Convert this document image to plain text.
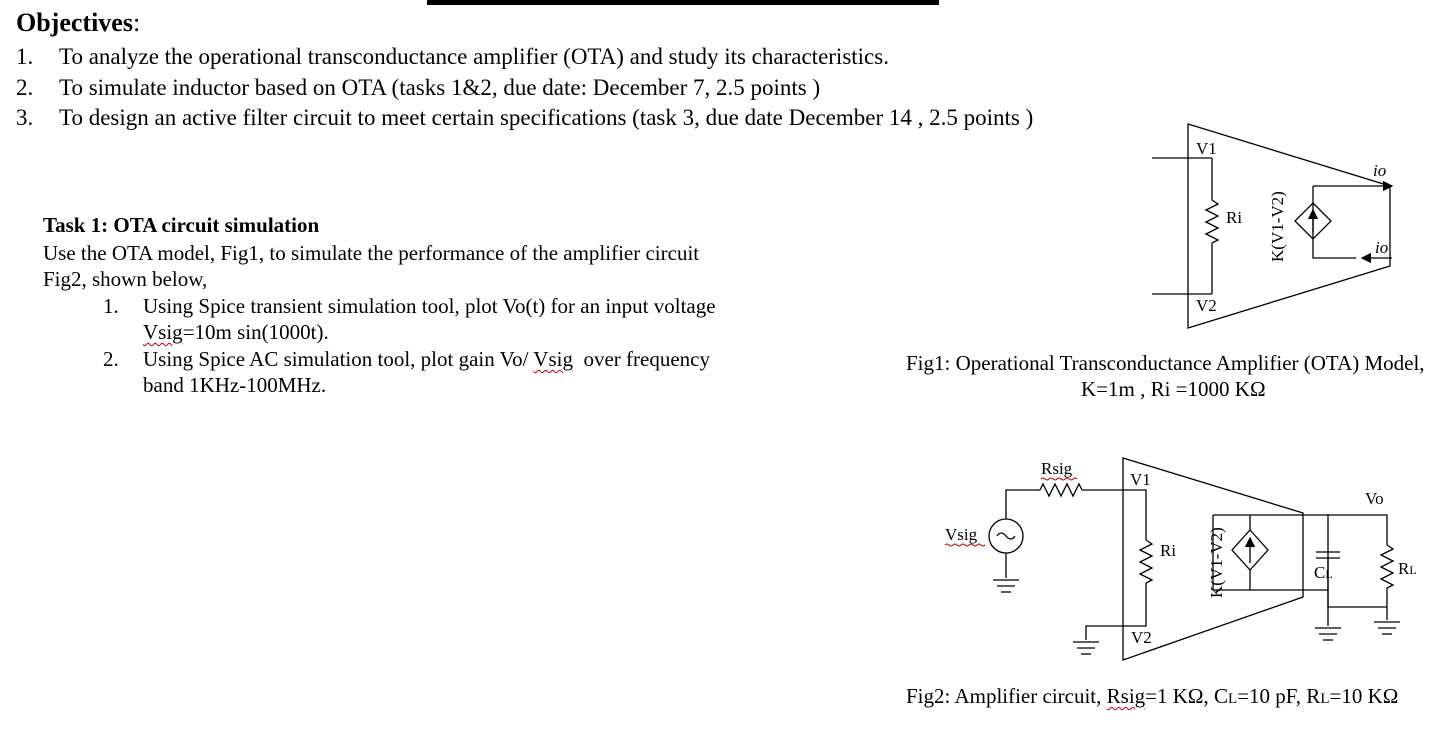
Objectives:
1. To analyze the operational transconductance amplifier (OTA) and study its characteristics.
2. To simulate inductor based on OTA (tasks 1&2, due date: December 7, 2.5 points )
3. To design an active filter circuit to meet certain specifications (task 3, due date December 14 , 2.5 points )
Task 1: OTA circuit simulation
Use the OTA model, Fig1, to simulate the performance of the amplifier circuit
Fig2, shown below,
1. Using Spice transient simulation tool, plot Vo(t) for an input voltage
Vsig=10m sin(1000t).
2. Using Spice AC simulation tool, plot gain Vo/ Vsig  over frequency
band 1KHz-100MHz.
V1
V2
Ri K(V1-V2)
io
io
Rsig
Vsig
V1
V2
Ri K(V1-V2)
Vo
CL	RL
Fig1: Operational Transconductance Amplifier (OTA) Model,
K=1m , Ri =1000 KΩ
Fig2: Amplifier circuit, Rsig=1 KΩ, CL=10 pF, RL=10 KΩ
